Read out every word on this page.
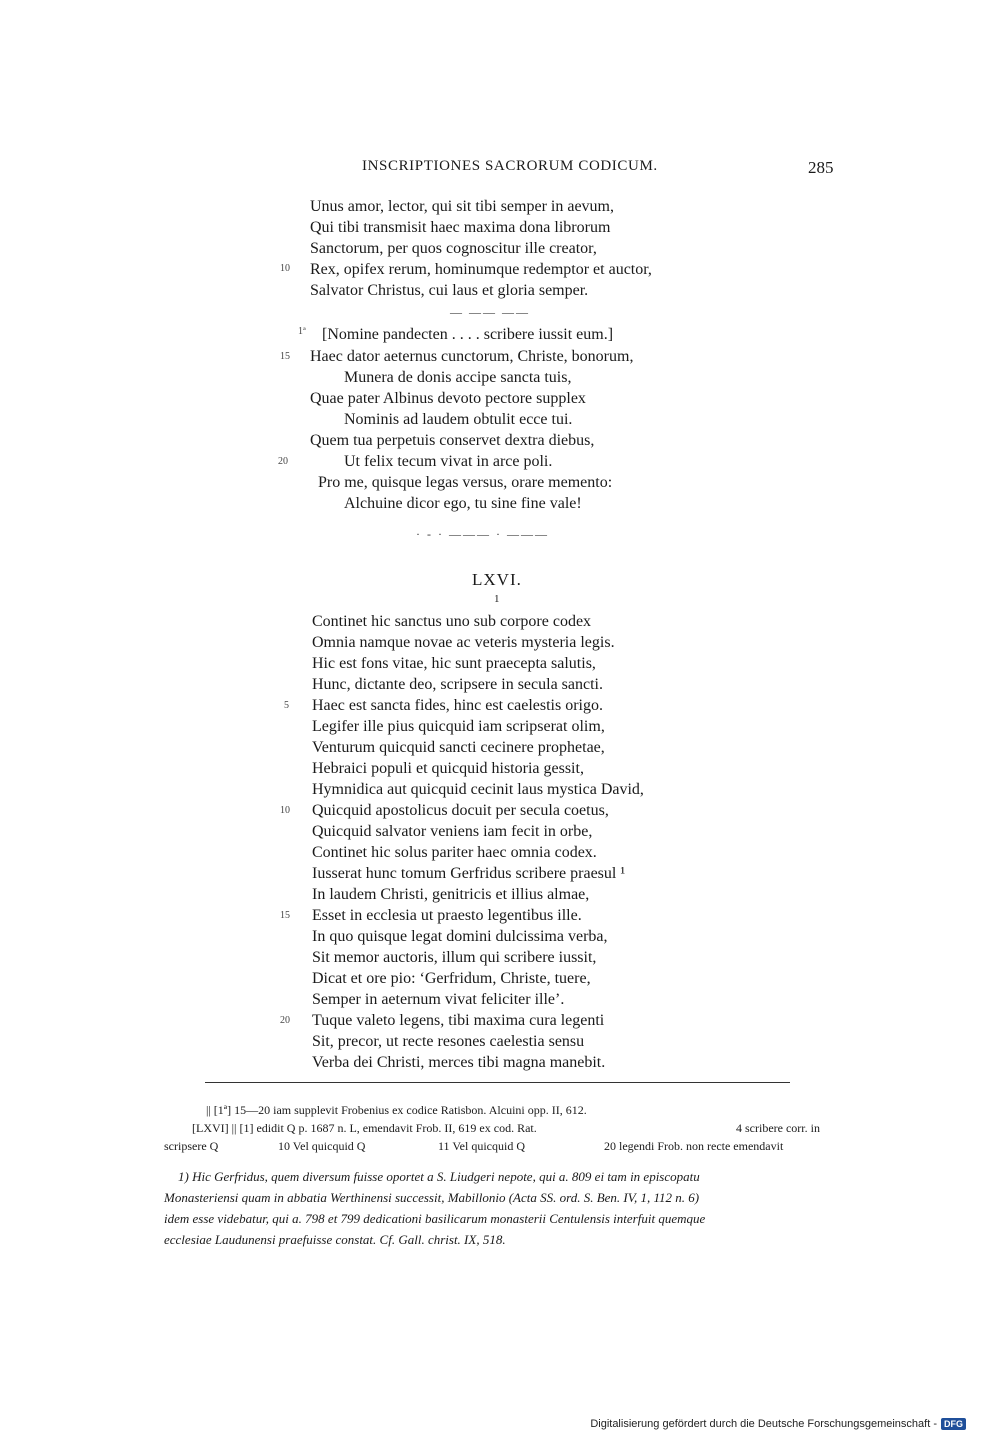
INSCRIPTIONES SACRORUM CODICUM.	285
Unus amor, lector, qui sit tibi semper in aevum,
Qui tibi transmisit haec maxima dona librorum
Sanctorum, per quos cognoscitur ille creator,
10 Rex, opifex rerum, hominumque redemptor et auctor,
Salvator Christus, cui laus et gloria semper.
— —— ——
1ª [Nomine pandecten . . . . scribere iussit eum.]
15 Haec dator aeternus cunctorum, Christe, bonorum,
Munera de donis accipe sancta tuis,
Quae pater Albinus devoto pectore supplex
Nominis ad laudem obtulit ecce tui.
Quem tua perpetuis conservet dextra diebus,
20	Ut felix tecum vivat in arce poli.
Pro me, quisque legas versus, orare memento:
Alchuine dicor ego, tu sine fine vale!
· - · ——— · ———
LXVI.
1
Continet hic sanctus uno sub corpore codex
Omnia namque novae ac veteris mysteria legis.
Hic est fons vitae, hic sunt praecepta salutis,
Hunc, dictante deo, scripsere in secula sancti.
5 Haec est sancta fides, hinc est caelestis origo.
Legifer ille pius quicquid iam scripserat olim,
Venturum quicquid sancti cecinere prophetae,
Hebraici populi et quicquid historia gessit,
Hymnidica aut quicquid cecinit laus mystica David,
10 Quicquid apostolicus docuit per secula coetus,
Quicquid salvator veniens iam fecit in orbe,
Continet hic solus pariter haec omnia codex.
Iusserat hunc tomum Gerfridus scribere praesul ¹
In laudem Christi, genitricis et illius almae,
15 Esset in ecclesia ut praesto legentibus ille.
In quo quisque legat domini dulcissima verba,
Sit memor auctoris, illum qui scribere iussit,
Dicat et ore pio: ‘Gerfridum, Christe, tuere,
Semper in aeternum vivat feliciter ille’.
20 Tuque valeto legens, tibi maxima cura legenti
Sit, precor, ut recte resones caelestia sensu
Verba dei Christi, merces tibi magna manebit.
|| [1ª] 15—20 iam supplevit Frobenius ex codice Ratisbon. Alcuini opp. II, 612.
[LXVI] || [1] edidit Q p. 1687 n. L, emendavit Frob. II, 619 ex cod. Rat.	4 scribere corr. in
scripsere Q	10 Vel quicquid Q	11 Vel quicquid Q	20 legendi Frob. non recte emendavit
1) Hic Gerfridus, quem diversum fuisse oportet a S. Liudgeri nepote, qui a. 809 ei tam in episcopatu
Monasteriensi quam in abbatia Werthinensi successit, Mabillonio (Acta SS. ord. S. Ben. IV, 1, 112 n. 6)
idem esse videbatur, qui a. 798 et 799 dedicationi basilicarum monasterii Centulensis interfuit quemque
ecclesiae Laudunensi praefuisse constat. Cf. Gall. christ. IX, 518.
Digitalisierung gefördert durch die Deutsche Forschungsgemeinschaft - DFG
